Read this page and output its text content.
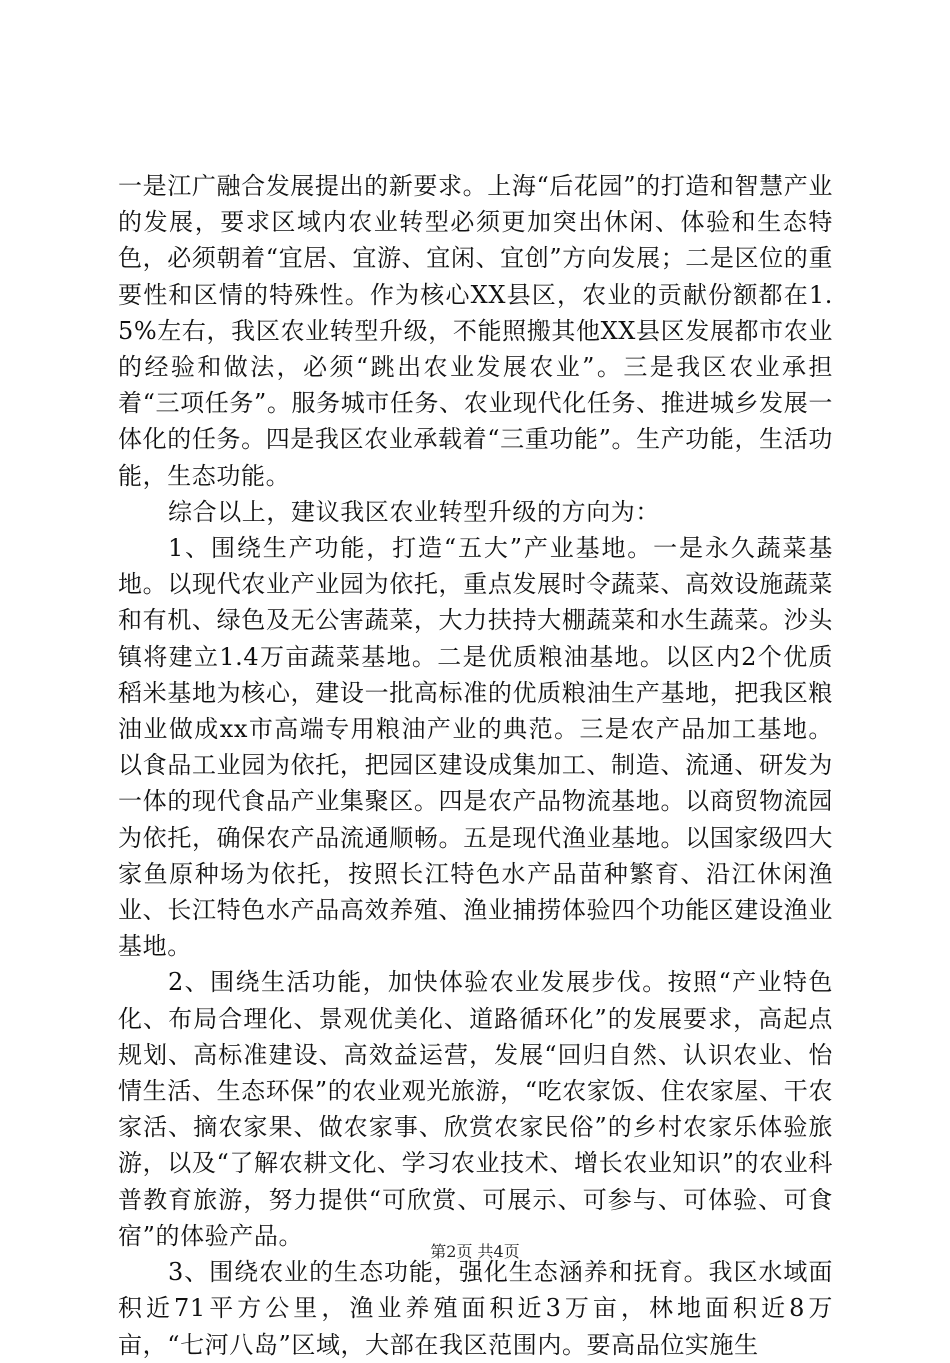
一是江广融合发展提出的新要求。上海“后花园”的打造和智慧产业的发展，要求区域内农业转型必须更加突出休闲、体验和生态特色，必须朝着“宜居、宜游、宜闲、宜创”方向发展；二是区位的重要性和区情的特殊性。作为核心XX县区，农业的贡献份额都在1.5%左右，我区农业转型升级，不能照搬其他XX县区发展都市农业的经验和做法，必须“跳出农业发展农业”。三是我区农业承担着“三项任务”。服务城市任务、农业现代化任务、推进城乡发展一体化的任务。四是我区农业承载着“三重功能”。生产功能，生活功能，生态功能。

综合以上，建议我区农业转型升级的方向为：

1、围绕生产功能，打造“五大”产业基地。一是永久蔬菜基地。以现代农业产业园为依托，重点发展时令蔬菜、高效设施蔬菜和有机、绿色及无公害蔬菜，大力扶持大棚蔬菜和水生蔬菜。沙头镇将建立1.4万亩蔬菜基地。二是优质粮油基地。以区内2个优质稻米基地为核心，建设一批高标准的优质粮油生产基地，把我区粮油业做成xx市高端专用粮油产业的典范。三是农产品加工基地。以食品工业园为依托，把园区建设成集加工、制造、流通、研发为一体的现代食品产业集聚区。四是农产品物流基地。以商贸物流园为依托，确保农产品流通顺畅。五是现代渔业基地。以国家级四大家鱼原种场为依托，按照长江特色水产品苗种繁育、沿江休闲渔业、长江特色水产品高效养殖、渔业捕捞体验四个功能区建设渔业基地。

2、围绕生活功能，加快体验农业发展步伐。按照“产业特色化、布局合理化、景观优美化、道路循环化”的发展要求，高起点规划、高标准建设、高效益运营，发展“回归自然、认识农业、怡情生活、生态环保”的农业观光旅游，“吃农家饭、住农家屋、干农家活、摘农家果、做农家事、欣赏农家民俗”的乡村农家乐体验旅游，以及“了解农耕文化、学习农业技术、增长农业知识”的农业科普教育旅游，努力提供“可欣赏、可展示、可参与、可体验、可食宿”的体验产品。

3、围绕农业的生态功能，强化生态涵养和抚育。我区水域面积近71平方公里，渔业养殖面积近3万亩，林地面积近8万亩，“七河八岛”区域，大部在我区范围内。要高品位实施生

第2页 共4页
